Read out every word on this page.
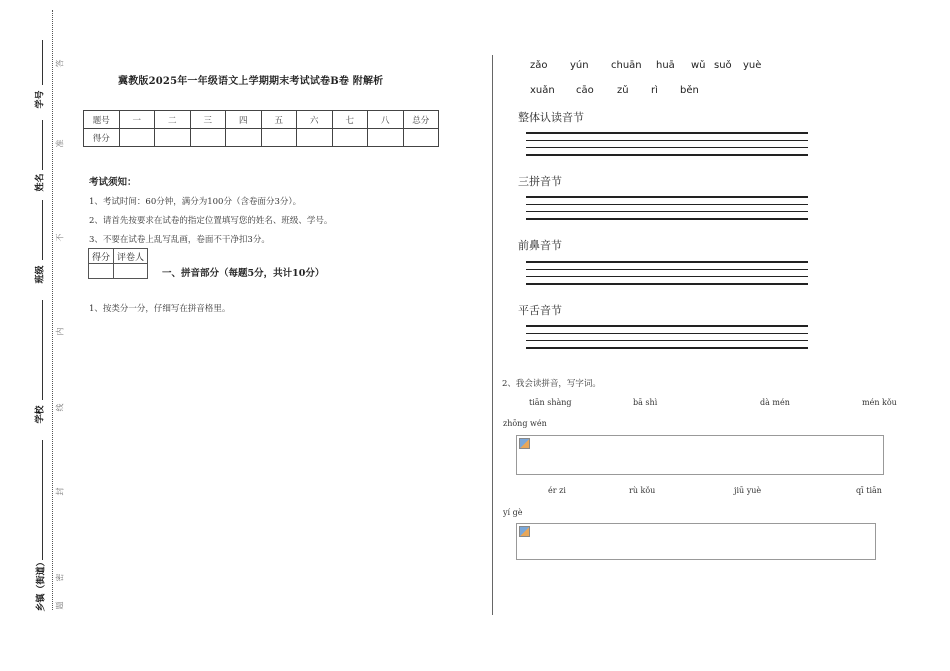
学号
姓名
班级
学校
乡镇（街道）
答
准
不
内
线
封
密
题
冀教版2025年一年级语文上学期期末考试试卷B卷 附解析
题号	一	二	三	四	五	六	七	八	总分
得分									
考试须知：
1、考试时间：60分钟，满分为100分（含卷面分3分）。
2、请首先按要求在试卷的指定位置填写您的姓名、班级、学号。
3、不要在试卷上乱写乱画，卷面不干净扣3分。
得分	评卷人

一、拼音部分（每题5分，共计10分）
1、按类分一分，仔细写在拼音格里。
zǎo yún chuān huā wǔ suǒ yuè
xuǎn cāo zǔ rì běn
整体认读音节
三拼音节
前鼻音节
平舌音节
2、我会读拼音，写字词。
tiān shàng	bā shì	dà mén	mén kǒu
zhōng wén
ér zi	rù kǒu	jiū yuè	qī tiān
yí gè
